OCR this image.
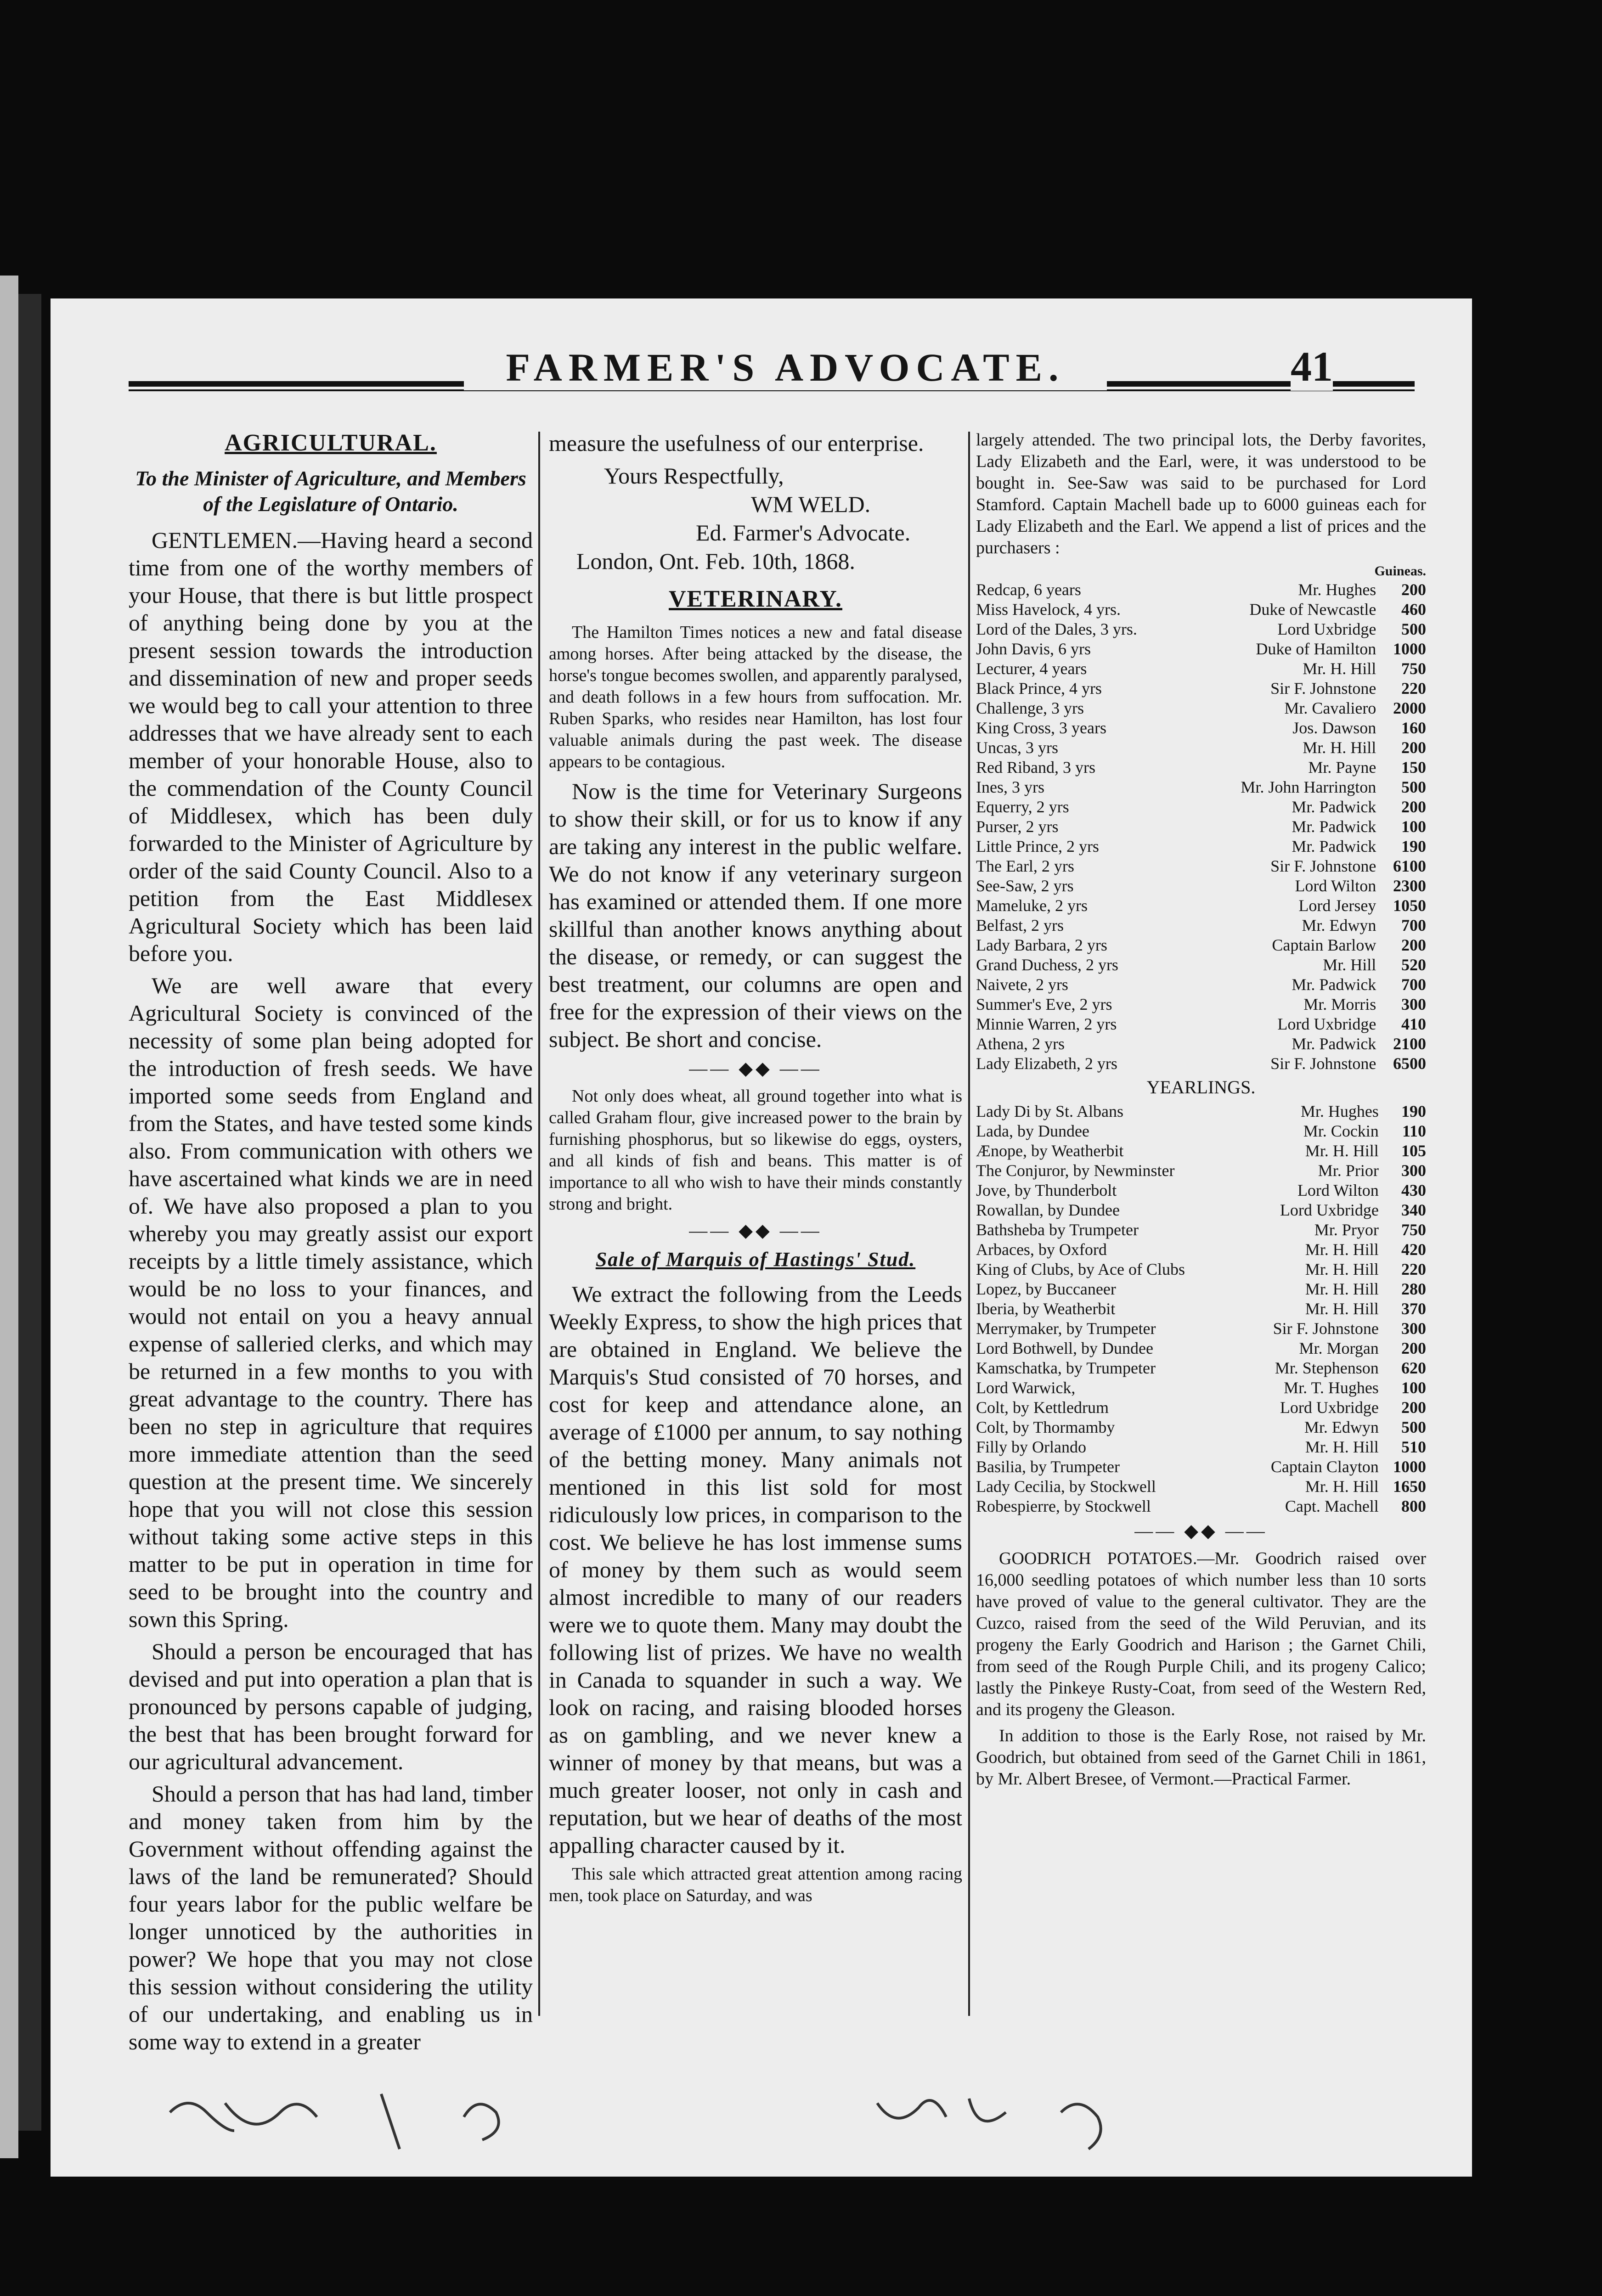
FARMER'S ADVOCATE.	41
AGRICULTURAL.
To the Minister of Agriculture, and Members of the Legislature of Ontario.

GENTLEMEN.—Having heard a second time from one of the worthy members of your House, that there is but little prospect of anything being done by you at the present session towards the introduction and dissemination of new and proper seeds we would beg to call your attention to three addresses that we have already sent to each member of your honorable House, also to the commendation of the County Council of Middlesex, which has been duly forwarded to the Minister of Agriculture by order of the said County Council. Also to a petition from the East Middlesex Agricultural Society which has been laid before you.

We are well aware that every Agricultural Society is convinced of the necessity of some plan being adopted for the introduction of fresh seeds. We have imported some seeds from England and from the States, and have tested some kinds also. From communication with others we have ascertained what kinds we are in need of. We have also proposed a plan to you whereby you may greatly assist our export receipts by a little timely assistance, which would be no loss to your finances, and would not entail on you a heavy annual expense of salleried clerks, and which may be returned in a few months to you with great advantage to the country. There has been no step in agriculture that requires more immediate attention than the seed question at the present time. We sincerely hope that you will not close this session without taking some active steps in this matter to be put in operation in time for seed to be brought into the country and sown this Spring.

Should a person be encouraged that has devised and put into operation a plan that is pronounced by persons capable of judging, the best that has been brought forward for our agricultural advancement.

Should a person that has had land, timber and money taken from him by the Government without offending against the laws of the land be remunerated? Should four years labor for the public welfare be longer unnoticed by the authorities in power? We hope that you may not close this session without considering the utility of our undertaking, and enabling us in some way to extend in a greater

measure the usefulness of our enterprise.

Yours Respectfully,

WM WELD.

Ed. Farmer's Advocate.

London, Ont. Feb. 10th, 1868.

VETERINARY.

The Hamilton Times notices a new and fatal disease among horses. After being attacked by the disease, the horse's tongue becomes swollen, and apparently paralysed, and death follows in a few hours from suffocation. Mr. Ruben Sparks, who resides near Hamilton, has lost four valuable animals during the past week. The disease appears to be contagious.

Now is the time for Veterinary Surgeons to show their skill, or for us to know if any are taking any interest in the public welfare. We do not know if any veterinary surgeon has examined or attended them. If one more skillful than another knows anything about the disease, or remedy, or can suggest the best treatment, our columns are open and free for the expression of their views on the subject. Be short and concise.

—— ◆◆ ——

Not only does wheat, all ground together into what is called Graham flour, give increased power to the brain by furnishing phosphorus, but so likewise do eggs, oysters, and all kinds of fish and beans. This matter is of importance to all who wish to have their minds constantly strong and bright.

—— ◆◆ ——
Sale of Marquis of Hastings' Stud.

We extract the following from the Leeds Weekly Express, to show the high prices that are obtained in England. We believe the Marquis's Stud consisted of 70 horses, and cost for keep and attendance alone, an average of £1000 per annum, to say nothing of the betting money. Many animals not mentioned in this list sold for most ridiculously low prices, in comparison to the cost. We believe he has lost immense sums of money by them such as would seem almost incredible to many of our readers were we to quote them. Many may doubt the following list of prizes. We have no wealth in Canada to squander in such a way. We look on racing, and raising blooded horses as on gambling, and we never knew a winner of money by that means, but was a much greater looser, not only in cash and reputation, but we hear of deaths of the most appalling character caused by it.

This sale which attracted great attention among racing men, took place on Saturday, and was

largely attended. The two principal lots, the Derby favorites, Lady Elizabeth and the Earl, were, it was understood to be bought in. See-Saw was said to be purchased for Lord Stamford. Captain Machell bade up to 6000 guineas each for Lady Elizabeth and the Earl. We append a list of prices and the purchasers :

Guineas.
Redcap, 6 years	Mr. Hughes	200
Miss Havelock, 4 yrs.	Duke of Newcastle	460
Lord of the Dales, 3 yrs.	Lord Uxbridge	500
John Davis, 6 yrs	Duke of Hamilton	1000
Lecturer, 4 years	Mr. H. Hill	750
Black Prince, 4 yrs	Sir F. Johnstone	220
Challenge, 3 yrs	Mr. Cavaliero	2000
King Cross, 3 years	Jos. Dawson	160
Uncas, 3 yrs	Mr. H. Hill	200
Red Riband, 3 yrs	Mr. Payne	150
Ines, 3 yrs	Mr. John Harrington	500
Equerry, 2 yrs	Mr. Padwick	200
Purser, 2 yrs	Mr. Padwick	100
Little Prince, 2 yrs	Mr. Padwick	190
The Earl, 2 yrs	Sir F. Johnstone	6100
See-Saw, 2 yrs	Lord Wilton	2300
Mameluke, 2 yrs	Lord Jersey	1050
Belfast, 2 yrs	Mr. Edwyn	700
Lady Barbara, 2 yrs	Captain Barlow	200
Grand Duchess, 2 yrs	Mr. Hill	520
Naivete, 2 yrs	Mr. Padwick	700
Summer's Eve, 2 yrs	Mr. Morris	300
Minnie Warren, 2 yrs	Lord Uxbridge	410
Athena, 2 yrs	Mr. Padwick	2100
Lady Elizabeth, 2 yrs	Sir F. Johnstone	6500
YEARLINGS.
Lady Di by St. Albans	Mr. Hughes	190
Lada, by Dundee	Mr. Cockin	110
Ænope, by Weatherbit	Mr. H. Hill	105
The Conjuror, by Newminster	Mr. Prior	300
Jove, by Thunderbolt	Lord Wilton	430
Rowallan, by Dundee	Lord Uxbridge	340
Bathsheba by Trumpeter	Mr. Pryor	750
Arbaces, by Oxford	Mr. H. Hill	420
King of Clubs, by Ace of Clubs	Mr. H. Hill	220
Lopez, by Buccaneer	Mr. H. Hill	280
Iberia, by Weatherbit	Mr. H. Hill	370
Merrymaker, by Trumpeter	Sir F. Johnstone	300
Lord Bothwell, by Dundee	Mr. Morgan	200
Kamschatka, by Trumpeter	Mr. Stephenson	620
Lord Warwick,	Mr. T. Hughes	100
Colt, by Kettledrum	Lord Uxbridge	200
Colt, by Thormamby	Mr. Edwyn	500
Filly by Orlando	Mr. H. Hill	510
Basilia, by Trumpeter	Captain Clayton	1000
Lady Cecilia, by Stockwell	Mr. H. Hill	1650
Robespierre, by Stockwell	Capt. Machell	800
—— ◆◆ ——

GOODRICH POTATOES.—Mr. Goodrich raised over 16,000 seedling potatoes of which number less than 10 sorts have proved of value to the general cultivator. They are the Cuzco, raised from the seed of the Wild Peruvian, and its progeny the Early Goodrich and Harison ; the Garnet Chili, from seed of the Rough Purple Chili, and its progeny Calico; lastly the Pinkeye Rusty-Coat, from seed of the Western Red, and its progeny the Gleason.

In addition to those is the Early Rose, not raised by Mr. Goodrich, but obtained from seed of the Garnet Chili in 1861, by Mr. Albert Bresee, of Vermont.—Practical Farmer.
